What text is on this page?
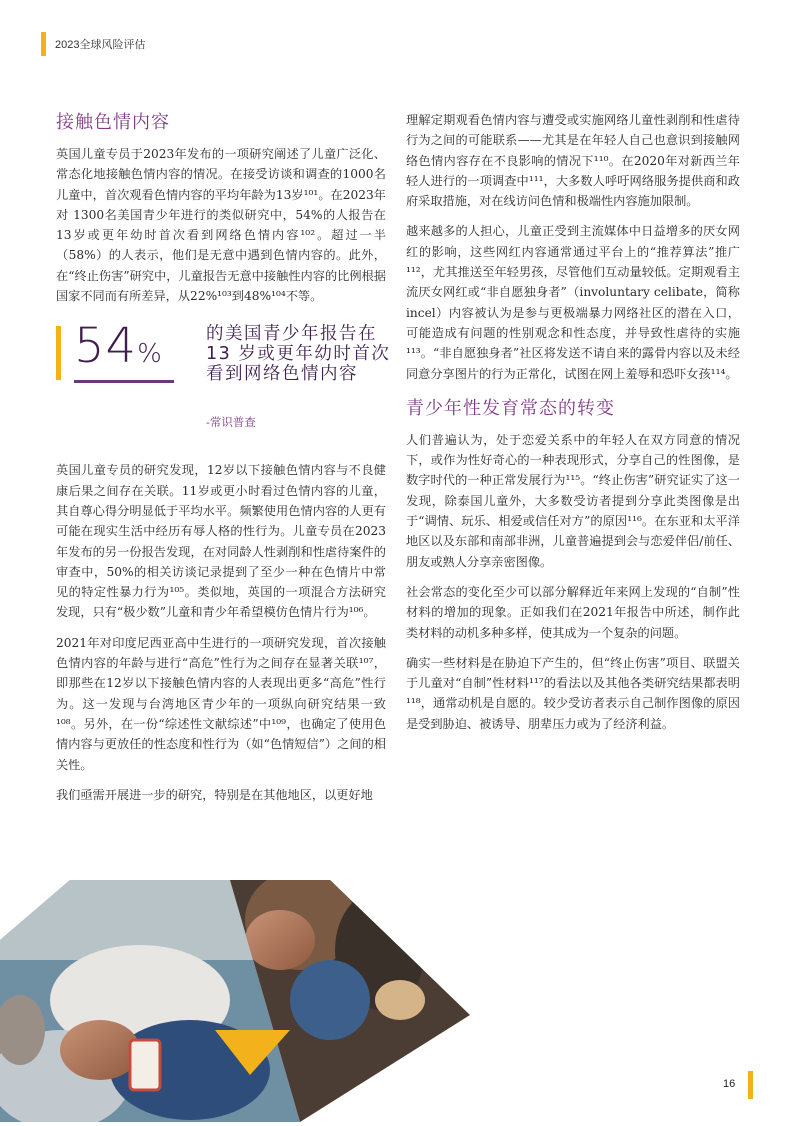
2023全球风险评估
接触色情内容

英国儿童专员于2023年发布的一项研究阐述了儿童广泛化、常态化地接触色情内容的情况。在接受访谈和调查的1000名儿童中，首次观看色情内容的平均年龄为13岁¹⁰¹。在2023年对 1300名美国青少年进行的类似研究中，54%的人报告在13岁或更年幼时首次看到网络色情内容¹⁰²。超过一半（58%）的人表示，他们是无意中遇到色情内容的。此外，在“终止伤害”研究中，儿童报告无意中接触性内容的比例根据国家不同而有所差异，从22%¹⁰³到48%¹⁰⁴不等。

54%
的美国青少年报告在 13 岁或更年幼时首次看到网络色情内容
-常识普查

英国儿童专员的研究发现，12岁以下接触色情内容与不良健康后果之间存在关联。11岁或更小时看过色情内容的儿童，其自尊心得分明显低于平均水平。频繁使用色情内容的人更有可能在现实生活中经历有辱人格的性行为。儿童专员在2023年发布的另一份报告发现，在对同龄人性剥削和性虐待案件的审查中，50%的相关访谈记录提到了至少一种在色情片中常见的特定性暴力行为¹⁰⁵。类似地，英国的一项混合方法研究发现，只有“极少数”儿童和青少年希望模仿色情片行为¹⁰⁶。

2021年对印度尼西亚高中生进行的一项研究发现，首次接触色情内容的年龄与进行“高危”性行为之间存在显著关联¹⁰⁷，即那些在12岁以下接触色情内容的人表现出更多“高危”性行为。这一发现与台湾地区青少年的一项纵向研究结果一致¹⁰⁸。另外，在一份“综述性文献综述”中¹⁰⁹，也确定了使用色情内容与更放任的性态度和性行为（如“色情短信”）之间的相关性。

我们亟需开展进一步的研究，特别是在其他地区，以更好地

理解定期观看色情内容与遭受或实施网络儿童性剥削和性虐待行为之间的可能联系——尤其是在年轻人自己也意识到接触网络色情内容存在不良影响的情况下¹¹⁰。在2020年对新西兰年轻人进行的一项调查中¹¹¹，大多数人呼吁网络服务提供商和政府采取措施，对在线访问色情和极端性内容施加限制。

越来越多的人担心，儿童正受到主流媒体中日益增多的厌女网红的影响，这些网红内容通常通过平台上的“推荐算法”推广¹¹²，尤其推送至年轻男孩，尽管他们互动量较低。定期观看主流厌女网红或“非自愿独身者”（involuntary celibate，简称incel）内容被认为是参与更极端暴力网络社区的潜在入口，可能造成有问题的性别观念和性态度，并导致性虐待的实施¹¹³。“非自愿独身者”社区将发送不请自来的露骨内容以及未经同意分享图片的行为正常化，试图在网上羞辱和恐吓女孩¹¹⁴。

青少年性发育常态的转变

人们普遍认为，处于恋爱关系中的年轻人在双方同意的情况下，或作为性好奇心的一种表现形式，分享自己的性图像，是数字时代的一种正常发展行为¹¹⁵。“终止伤害”研究证实了这一发现，除泰国儿童外，大多数受访者提到分享此类图像是出于“调情、玩乐、相爱或信任对方”的原因¹¹⁶。在东亚和太平洋地区以及东部和南部非洲，儿童普遍提到会与恋爱伴侣/前任、朋友或熟人分享亲密图像。

社会常态的变化至少可以部分解释近年来网上发现的“自制”性材料的增加的现象。正如我们在2021年报告中所述，制作此类材料的动机多种多样，使其成为一个复杂的问题。

确实一些材料是在胁迫下产生的，但“终止伤害”项目、联盟关于儿童对“自制”性材料¹¹⁷的看法以及其他各类研究结果都表明¹¹⁸，通常动机是自愿的。较少受访者表示自己制作图像的原因是受到胁迫、被诱导、朋辈压力或为了经济利益。

16
